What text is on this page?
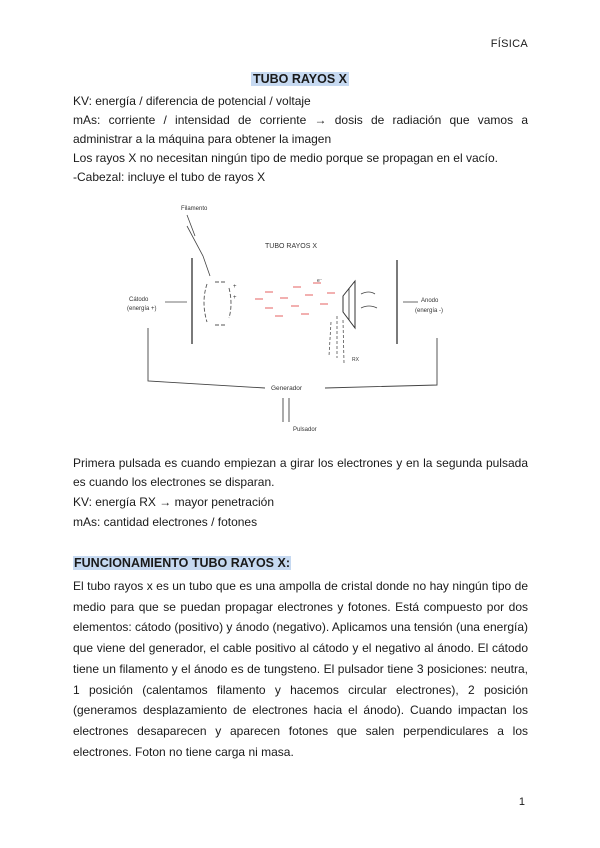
FÍSICA
TUBO RAYOS X

KV: energía / diferencia de potencial / voltaje

mAs: corriente / intensidad de corriente → dosis de radiación que vamos a administrar a la máquina para obtener la imagen

Los rayos X no necesitan ningún tipo de medio porque se propagan en el vacío.

-Cabezal: incluye el tubo de rayos X

TUBO RAYOS X
Filamento
Cátodo
(energía +)
+
+
e⁻
RX
Anodo
(energía -)
Generador
Pulsador

Primera pulsada es cuando empiezan a girar los electrones y en la segunda pulsada es cuando los electrones se disparan.

KV: energía RX → mayor penetración

mAs: cantidad electrones / fotones

FUNCIONAMIENTO TUBO RAYOS X:

El tubo rayos x es un tubo que es una ampolla de cristal donde no hay ningún tipo de medio para que se puedan propagar electrones y fotones. Está compuesto por dos elementos: cátodo (positivo) y ánodo (negativo). Aplicamos una tensión (una energía) que viene del generador, el cable positivo al cátodo y el negativo al ánodo. El cátodo tiene un filamento y el ánodo es de tungsteno. El pulsador tiene 3 posiciones: neutra, 1 posición (calentamos filamento y hacemos circular electrones), 2 posición (generamos desplazamiento de electrones hacia el ánodo). Cuando impactan los electrones desaparecen y aparecen fotones que salen perpendiculares a los electrones. Foton no tiene carga ni masa.

1
